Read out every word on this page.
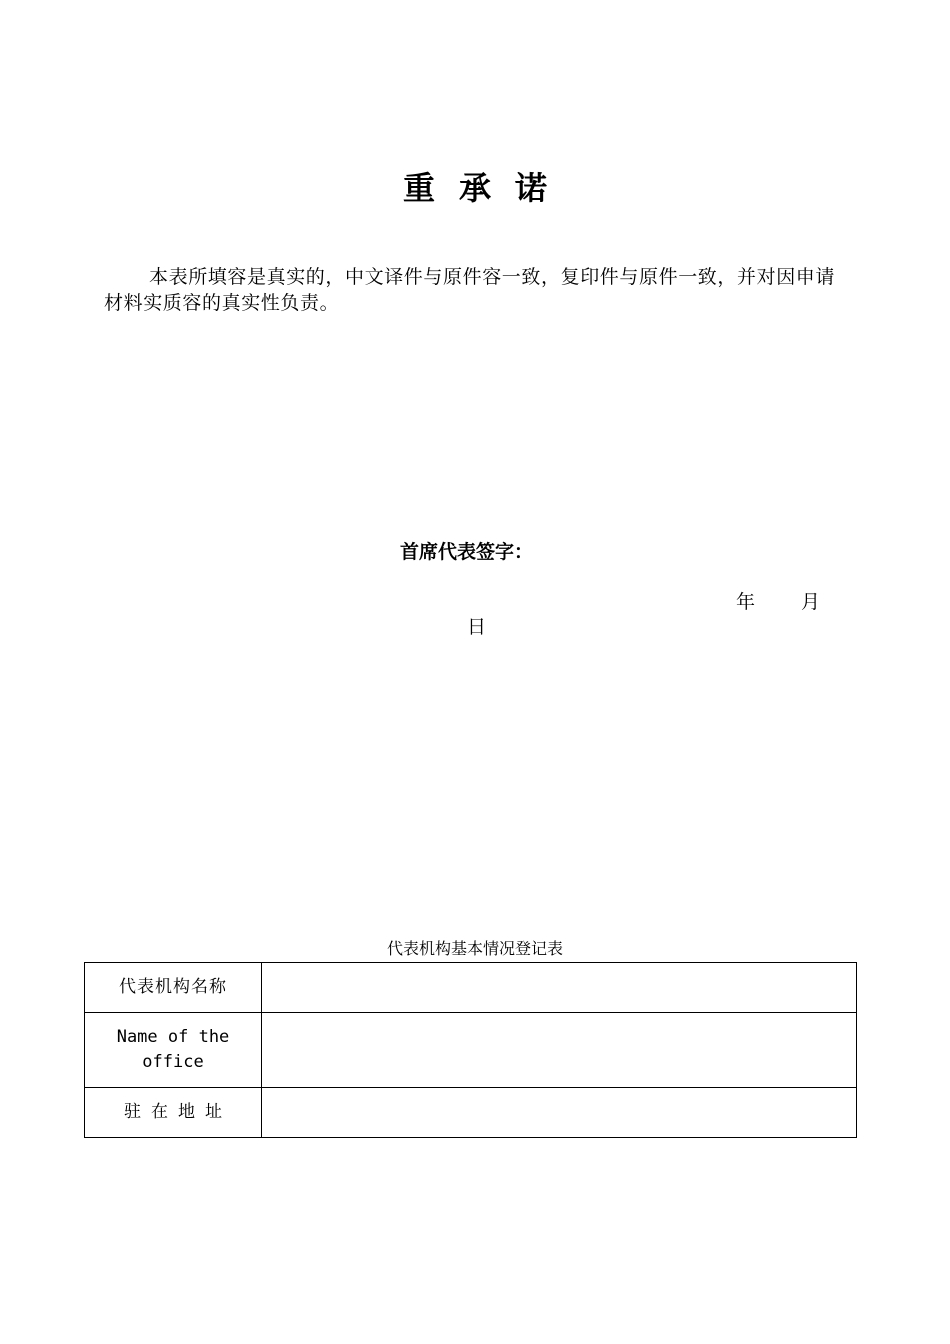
重承诺

本表所填容是真实的，中文译件与原件容一致，复印件与原件一致，并对因申请材料实质容的真实性负责。

首席代表签字：
年 月
日
代表机构基本情况登记表
代表机构名称	
Name of the office	
驻在地址	
